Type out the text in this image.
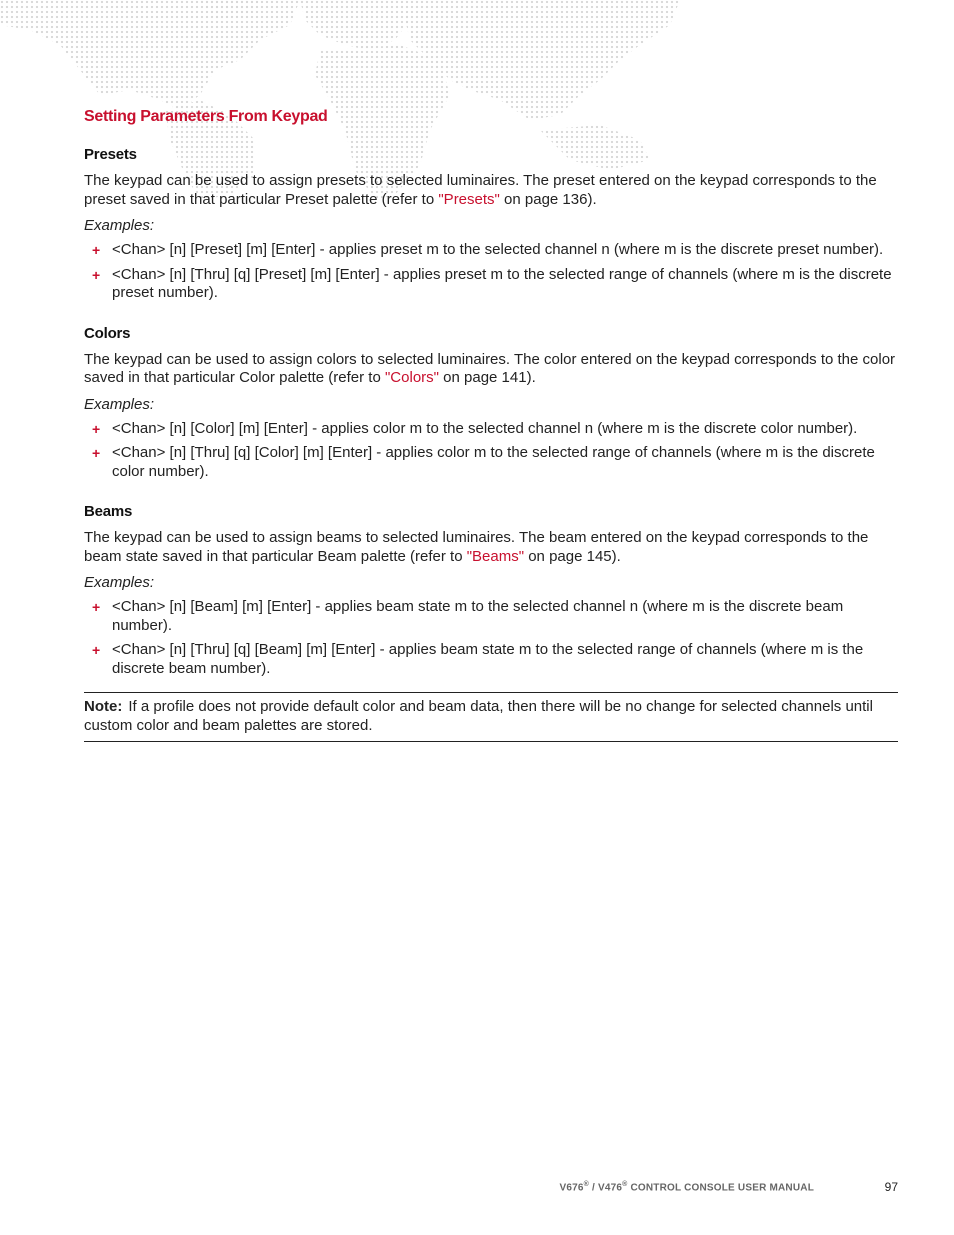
Setting Parameters From Keypad
Presets

The keypad can be used to assign presets to selected luminaires. The preset entered on the keypad corresponds to the preset saved in that particular Preset palette (refer to "Presets" on page 136).

Examples:

+ <Chan> [n] [Preset] [m] [Enter] - applies preset m to the selected channel n (where m is the discrete preset number).
+ <Chan> [n] [Thru] [q] [Preset] [m] [Enter] - applies preset m to the selected range of channels (where m is the discrete preset number).
Colors

The keypad can be used to assign colors to selected luminaires. The color entered on the keypad corresponds to the color saved in that particular Color palette (refer to "Colors" on page 141).

Examples:

+ <Chan> [n] [Color] [m] [Enter] - applies color m to the selected channel n (where m is the discrete color number).
+ <Chan> [n] [Thru] [q] [Color] [m] [Enter] - applies color m to the selected range of channels (where m is the discrete color number).
Beams

The keypad can be used to assign beams to selected luminaires. The beam entered on the keypad corresponds to the beam state saved in that particular Beam palette (refer to "Beams" on page 145).

Examples:

+ <Chan> [n] [Beam] [m] [Enter] - applies beam state m to the selected channel n (where m is the discrete beam number).
+ <Chan> [n] [Thru] [q] [Beam] [m] [Enter] - applies beam state m to the selected range of channels (where m is the discrete beam number).
Note: If a profile does not provide default color and beam data, then there will be no change for selected channels until custom color and beam palettes are stored.
V676® / V476® CONTROL CONSOLE USER MANUAL	97
